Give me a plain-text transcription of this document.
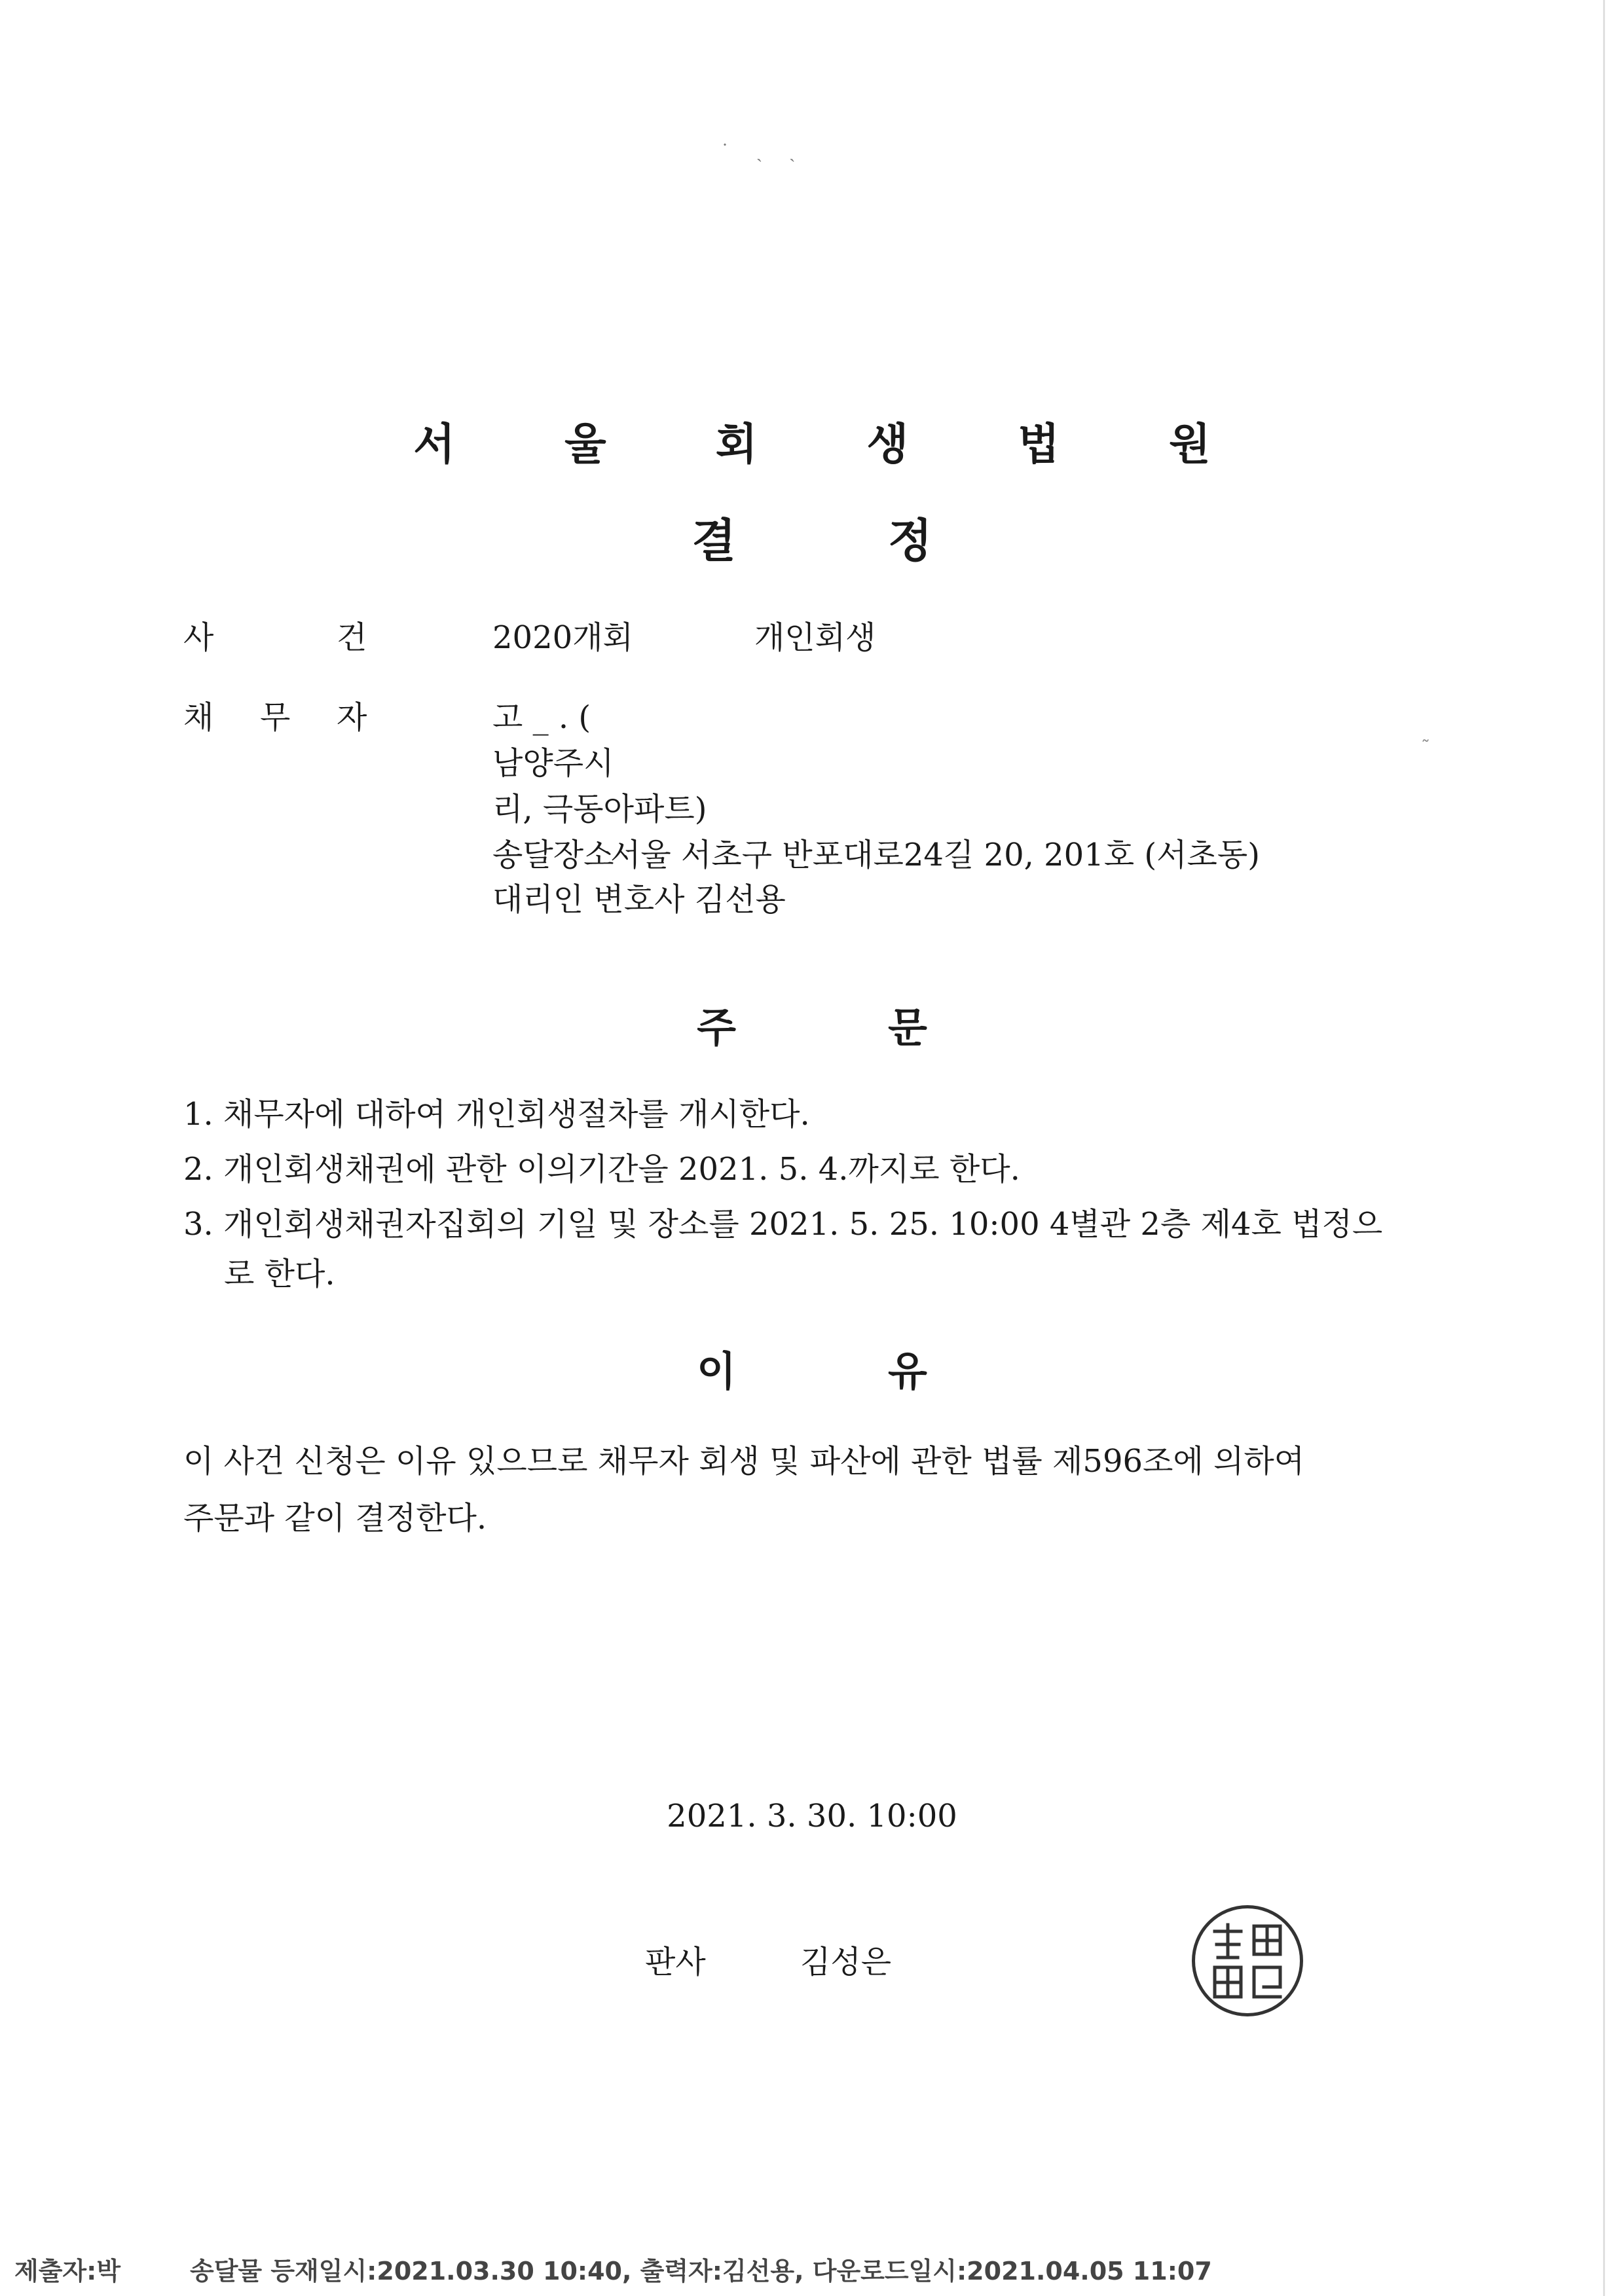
˙ ˏ ˎ
˜
서 울 회 생 법 원
결	정
사	건	2020개회	개인회생
채 무 자	고 _ . (
남양주시
리, 극동아파트)
송달장소서울 서초구 반포대로24길 20, 201호 (서초동)
대리인 변호사 김선용
주	문
1. 채무자에 대하여 개인회생절차를 개시한다.
2. 개인회생채권에 관한 이의기간을 2021. 5. 4.까지로 한다.
3. 개인회생채권자집회의 기일 및 장소를 2021. 5. 25. 10:00 4별관 2층 제4호 법정으
로 한다.
이	유
이 사건 신청은 이유 있으므로 채무자 회생 및 파산에 관한 법률 제596조에 의하여
주문과 같이 결정한다.
2021. 3. 30. 10:00
판사	김성은
제출자:박	송달물 등재일시:2021.03.30 10:40, 출력자:김선용, 다운로드일시:2021.04.05 11:07
